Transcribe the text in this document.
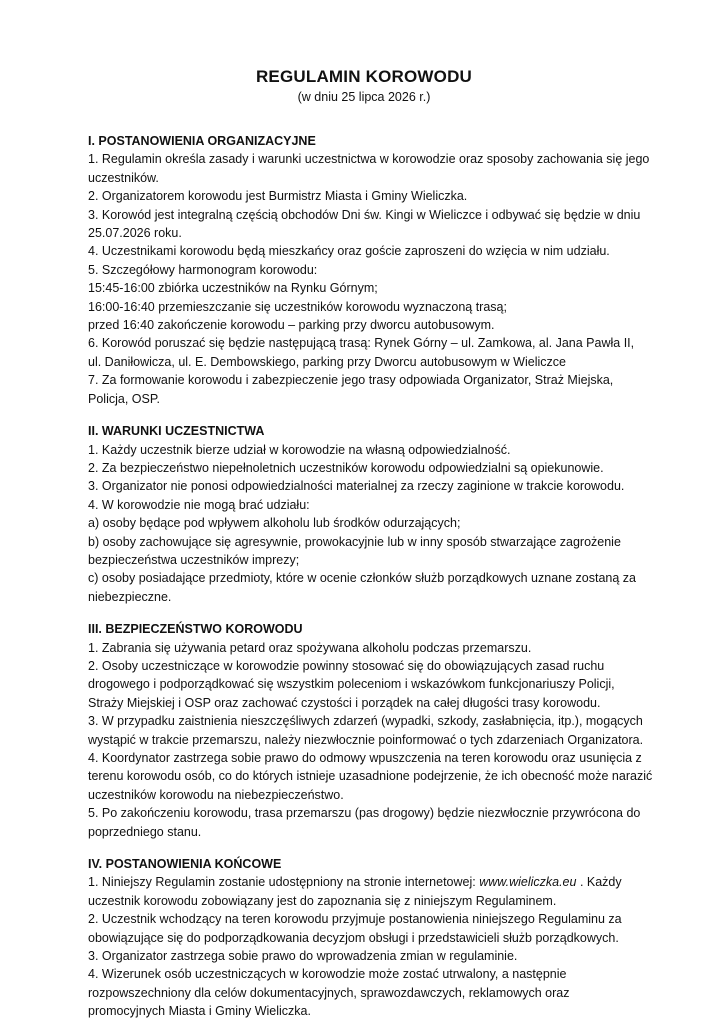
REGULAMIN KOROWODU

(w dniu 25 lipca 2026 r.)

I. POSTANOWIENIA ORGANIZACYJNE

1. Regulamin określa zasady i warunki uczestnictwa w korowodzie oraz sposoby zachowania się jego

uczestników.

2. Organizatorem korowodu jest Burmistrz Miasta i Gminy Wieliczka.

3. Korowód jest integralną częścią obchodów Dni św. Kingi w Wieliczce i odbywać się będzie w dniu

25.07.2026 roku.

4. Uczestnikami korowodu będą mieszkańcy oraz goście zaproszeni do wzięcia w nim udziału.

5. Szczegółowy harmonogram korowodu:

15:45-16:00 zbiórka uczestników na Rynku Górnym;

16:00-16:40 przemieszczanie się uczestników korowodu wyznaczoną trasą;

przed 16:40 zakończenie korowodu – parking przy dworcu autobusowym.

6. Korowód poruszać się będzie następującą trasą: Rynek Górny – ul. Zamkowa, al. Jana Pawła II,

ul. Daniłowicza, ul. E. Dembowskiego, parking przy Dworcu autobusowym w Wieliczce

7. Za formowanie korowodu i zabezpieczenie jego trasy odpowiada Organizator, Straż Miejska,

Policja, OSP.

II. WARUNKI UCZESTNICTWA

1. Każdy uczestnik bierze udział w korowodzie na własną odpowiedzialność.

2. Za bezpieczeństwo niepełnoletnich uczestników korowodu odpowiedzialni są opiekunowie.

3. Organizator nie ponosi odpowiedzialności materialnej za rzeczy zaginione w trakcie korowodu.

4. W korowodzie nie mogą brać udziału:

a) osoby będące pod wpływem alkoholu lub środków odurzających;

b) osoby zachowujące się agresywnie, prowokacyjnie lub w inny sposób stwarzające zagrożenie

bezpieczeństwa uczestników imprezy;

c) osoby posiadające przedmioty, które w ocenie członków służb porządkowych uznane zostaną za

niebezpieczne.

III. BEZPIECZEŃSTWO KOROWODU

1. Zabrania się używania petard oraz spożywana alkoholu podczas przemarszu.

2. Osoby uczestniczące w korowodzie powinny stosować się do obowiązujących zasad ruchu

drogowego i podporządkować się wszystkim poleceniom i wskazówkom funkcjonariuszy Policji,

Straży Miejskiej i OSP oraz zachować czystości i porządek na całej długości trasy korowodu.

3. W przypadku zaistnienia nieszczęśliwych zdarzeń (wypadki, szkody, zasłabnięcia, itp.), mogących

wystąpić w trakcie przemarszu, należy niezwłocznie poinformować o tych zdarzeniach Organizatora.

4. Koordynator zastrzega sobie prawo do odmowy wpuszczenia na teren korowodu oraz usunięcia z

terenu korowodu osób, co do których istnieje uzasadnione podejrzenie, że ich obecność może narazić

uczestników korowodu na niebezpieczeństwo.

5. Po zakończeniu korowodu, trasa przemarszu (pas drogowy) będzie niezwłocznie przywrócona do

poprzedniego stanu.

IV. POSTANOWIENIA KOŃCOWE

1. Niniejszy Regulamin zostanie udostępniony na stronie internetowej: www.wieliczka.eu . Każdy

uczestnik korowodu zobowiązany jest do zapoznania się z niniejszym Regulaminem.

2. Uczestnik wchodzący na teren korowodu przyjmuje postanowienia niniejszego Regulaminu za

obowiązujące się do podporządkowania decyzjom obsługi i przedstawicieli służb porządkowych.

3. Organizator zastrzega sobie prawo do wprowadzenia zmian w regulaminie.

4. Wizerunek osób uczestniczących w korowodzie może zostać utrwalony, a następnie

rozpowszechniony dla celów dokumentacyjnych, sprawozdawczych, reklamowych oraz

promocyjnych Miasta i Gminy Wieliczka.
